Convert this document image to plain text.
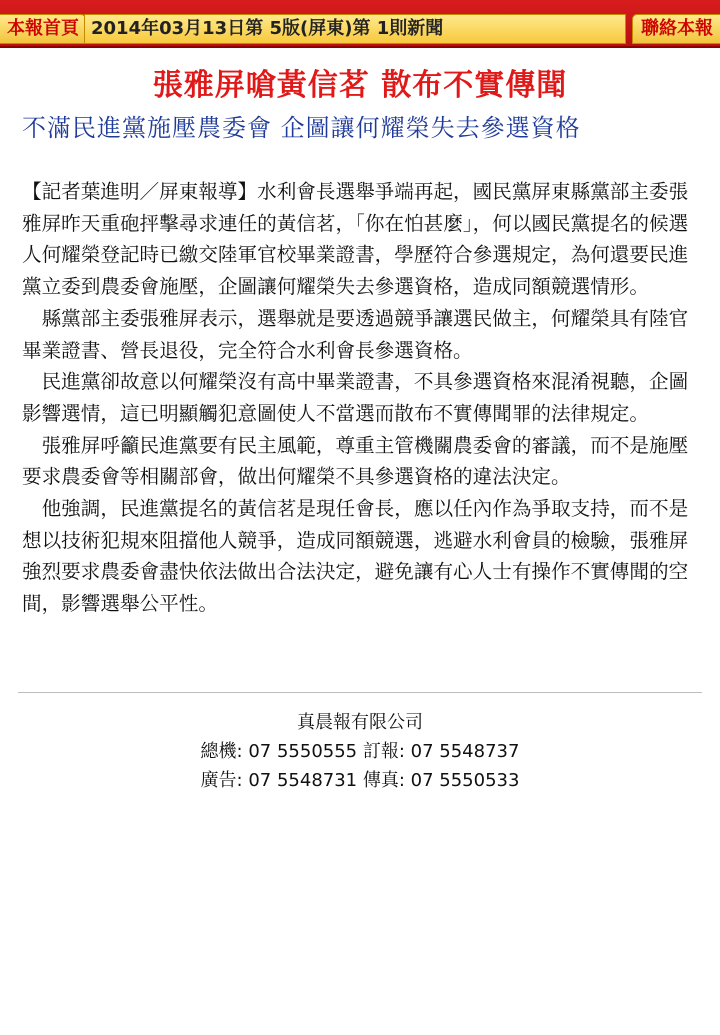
本報首頁 2014年03月13日第 5版(屏東)第 1則新聞	聯絡本報
張雅屏嗆黃信茗 散布不實傳聞
不滿民進黨施壓農委會 企圖讓何耀榮失去參選資格

【記者葉進明／屏東報導】水利會長選舉爭端再起，國民黨屏東縣黨部主委張雅屏昨天重砲抨擊尋求連任的黃信茗，「你在怕甚麼」，何以國民黨提名的候選人何耀榮登記時已繳交陸軍官校畢業證書，學歷符合參選規定，為何還要民進黨立委到農委會施壓，企圖讓何耀榮失去參選資格，造成同額競選情形。

縣黨部主委張雅屏表示，選舉就是要透過競爭讓選民做主，何耀榮具有陸官畢業證書、營長退役，完全符合水利會長參選資格。

民進黨卻故意以何耀榮沒有高中畢業證書，不具參選資格來混淆視聽，企圖影響選情，這已明顯觸犯意圖使人不當選而散布不實傳聞罪的法律規定。

張雅屏呼籲民進黨要有民主風範，尊重主管機關農委會的審議，而不是施壓要求農委會等相關部會，做出何耀榮不具參選資格的違法決定。

他強調，民進黨提名的黃信茗是現任會長，應以任內作為爭取支持，而不是想以技術犯規來阻擋他人競爭，造成同額競選，逃避水利會員的檢驗，張雅屏強烈要求農委會盡快依法做出合法決定，避免讓有心人士有操作不實傳聞的空間，影響選舉公平性。

真晨報有限公司
總機: 07 5550555 訂報: 07 5548737
廣告: 07 5548731 傳真: 07 5550533
